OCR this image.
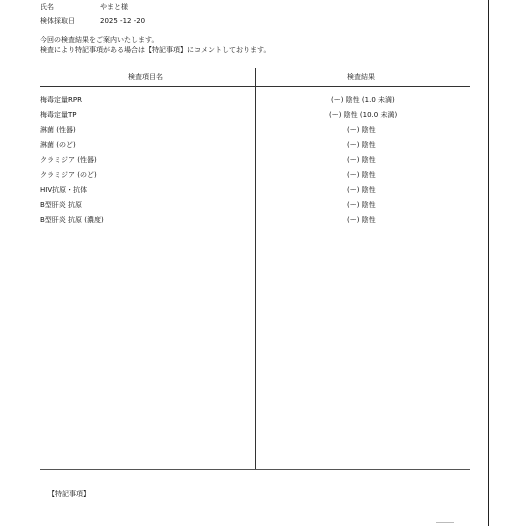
氏名	やまと様
検体採取日	2025 -12 -20
今回の検査結果をご案内いたします。
検査により特記事項がある場合は【特記事項】にコメントしております。
検査項目名	検査結果
梅毒定量RPR	(ー) 陰性 (1.0 未満)
梅毒定量TP	(ー) 陰性 (10.0 未満)
淋菌 (性器)	(ー) 陰性
淋菌 (のど)	(ー) 陰性
クラミジア (性器)	(ー) 陰性
クラミジア (のど)	(ー) 陰性
HIV抗原・抗体	(ー) 陰性
B型肝炎 抗原	(ー) 陰性
B型肝炎 抗原 (濃度)	(ー) 陰性
【特記事項】
